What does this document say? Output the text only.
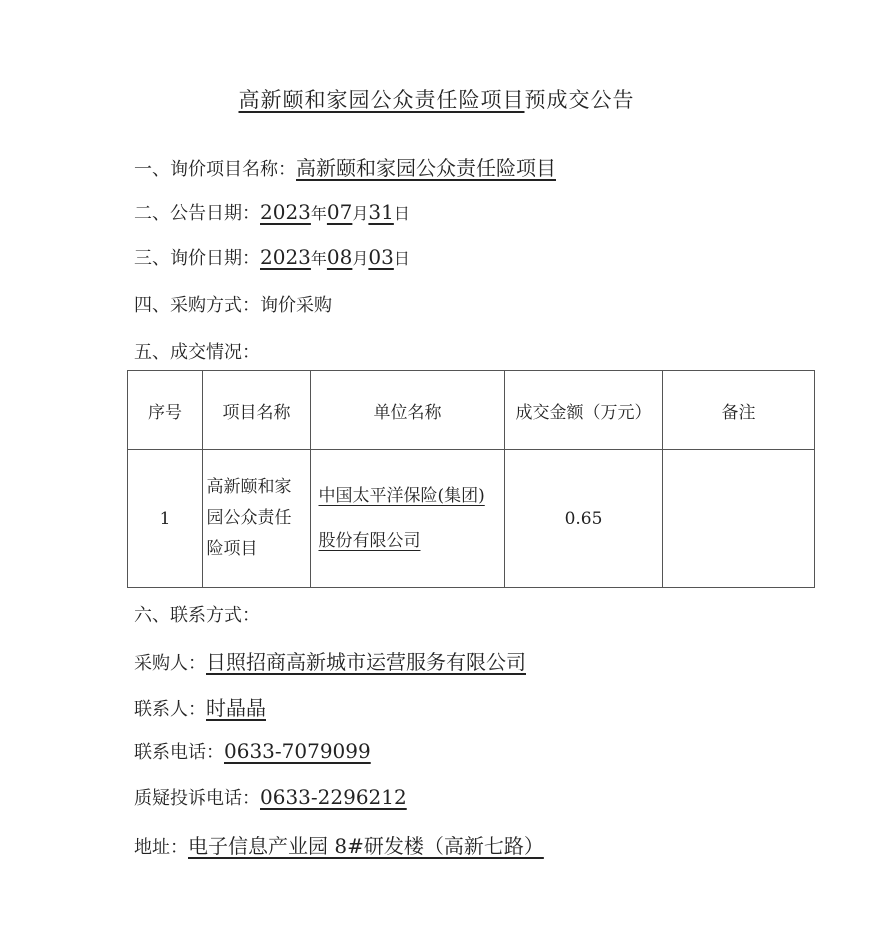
高新颐和家园公众责任险项目预成交公告
一、询价项目名称：高新颐和家园公众责任险项目
二、公告日期：2023年07月31日
三、询价日期：2023年08月03日
四、采购方式：询价采购
五、成交情况：
序号	项目名称	单位名称	成交金额（万元）	备注
1	高新颐和家园公众责任险项目	中国太平洋保险(集团)股份有限公司	0.65	
六、联系方式：
采购人：日照招商高新城市运营服务有限公司
联系人：时晶晶
联系电话：0633-7079099
质疑投诉电话：0633-2296212
地址：电子信息产业园 8#研发楼（高新七路）
